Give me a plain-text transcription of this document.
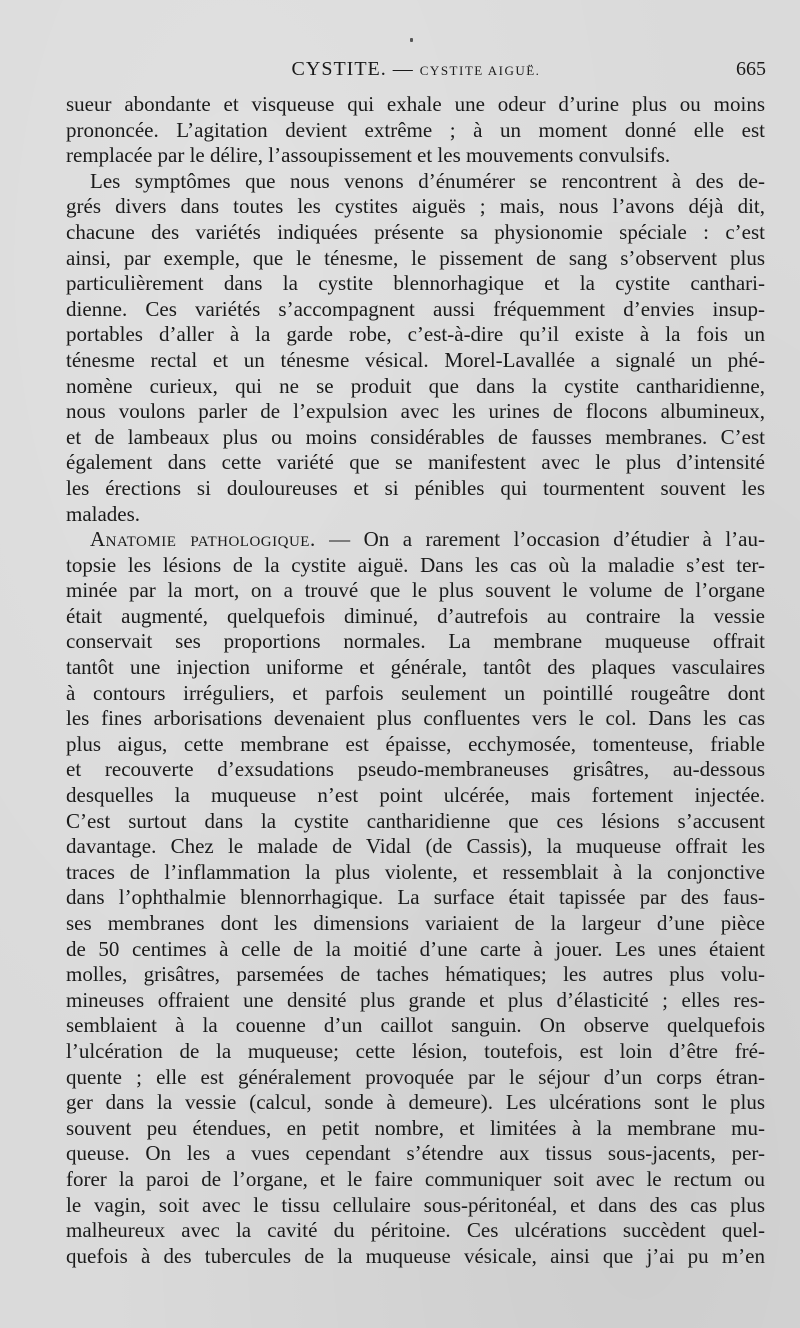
CYSTITE. — CYSTITE AIGUË.	665
sueur abondante et visqueuse qui exhale une odeur d’urine plus ou moins
prononcée. L’agitation devient extrême ; à un moment donné elle est
remplacée par le délire, l’assoupissement et les mouvements convulsifs.
Les symptômes que nous venons d’énumérer se rencontrent à des de-
grés divers dans toutes les cystites aiguës ; mais, nous l’avons déjà dit,
chacune des variétés indiquées présente sa physionomie spéciale : c’est
ainsi, par exemple, que le ténesme, le pissement de sang s’observent plus
particulièrement dans la cystite blennorhagique et la cystite canthari-
dienne. Ces variétés s’accompagnent aussi fréquemment d’envies insup-
portables d’aller à la garde robe, c’est-à-dire qu’il existe à la fois un
ténesme rectal et un ténesme vésical. Morel-Lavallée a signalé un phé-
nomène curieux, qui ne se produit que dans la cystite cantharidienne,
nous voulons parler de l’expulsion avec les urines de flocons albumineux,
et de lambeaux plus ou moins considérables de fausses membranes. C’est
également dans cette variété que se manifestent avec le plus d’intensité
les érections si douloureuses et si pénibles qui tourmentent souvent les
malades.
Anatomie pathologique. — On a rarement l’occasion d’étudier à l’au-
topsie les lésions de la cystite aiguë. Dans les cas où la maladie s’est ter-
minée par la mort, on a trouvé que le plus souvent le volume de l’organe
était augmenté, quelquefois diminué, d’autrefois au contraire la vessie
conservait ses proportions normales. La membrane muqueuse offrait
tantôt une injection uniforme et générale, tantôt des plaques vasculaires
à contours irréguliers, et parfois seulement un pointillé rougeâtre dont
les fines arborisations devenaient plus confluentes vers le col. Dans les cas
plus aigus, cette membrane est épaisse, ecchymosée, tomenteuse, friable
et recouverte d’exsudations pseudo-membraneuses grisâtres, au-dessous
desquelles la muqueuse n’est point ulcérée, mais fortement injectée.
C’est surtout dans la cystite cantharidienne que ces lésions s’accusent
davantage. Chez le malade de Vidal (de Cassis), la muqueuse offrait les
traces de l’inflammation la plus violente, et ressemblait à la conjonctive
dans l’ophthalmie blennorrhagique. La surface était tapissée par des faus-
ses membranes dont les dimensions variaient de la largeur d’une pièce
de 50 centimes à celle de la moitié d’une carte à jouer. Les unes étaient
molles, grisâtres, parsemées de taches hématiques; les autres plus volu-
mineuses offraient une densité plus grande et plus d’élasticité ; elles res-
semblaient à la couenne d’un caillot sanguin. On observe quelquefois
l’ulcération de la muqueuse; cette lésion, toutefois, est loin d’être fré-
quente ; elle est généralement provoquée par le séjour d’un corps étran-
ger dans la vessie (calcul, sonde à demeure). Les ulcérations sont le plus
souvent peu étendues, en petit nombre, et limitées à la membrane mu-
queuse. On les a vues cependant s’étendre aux tissus sous-jacents, per-
forer la paroi de l’organe, et le faire communiquer soit avec le rectum ou
le vagin, soit avec le tissu cellulaire sous-péritonéal, et dans des cas plus
malheureux avec la cavité du péritoine. Ces ulcérations succèdent quel-
quefois à des tubercules de la muqueuse vésicale, ainsi que j’ai pu m’en
